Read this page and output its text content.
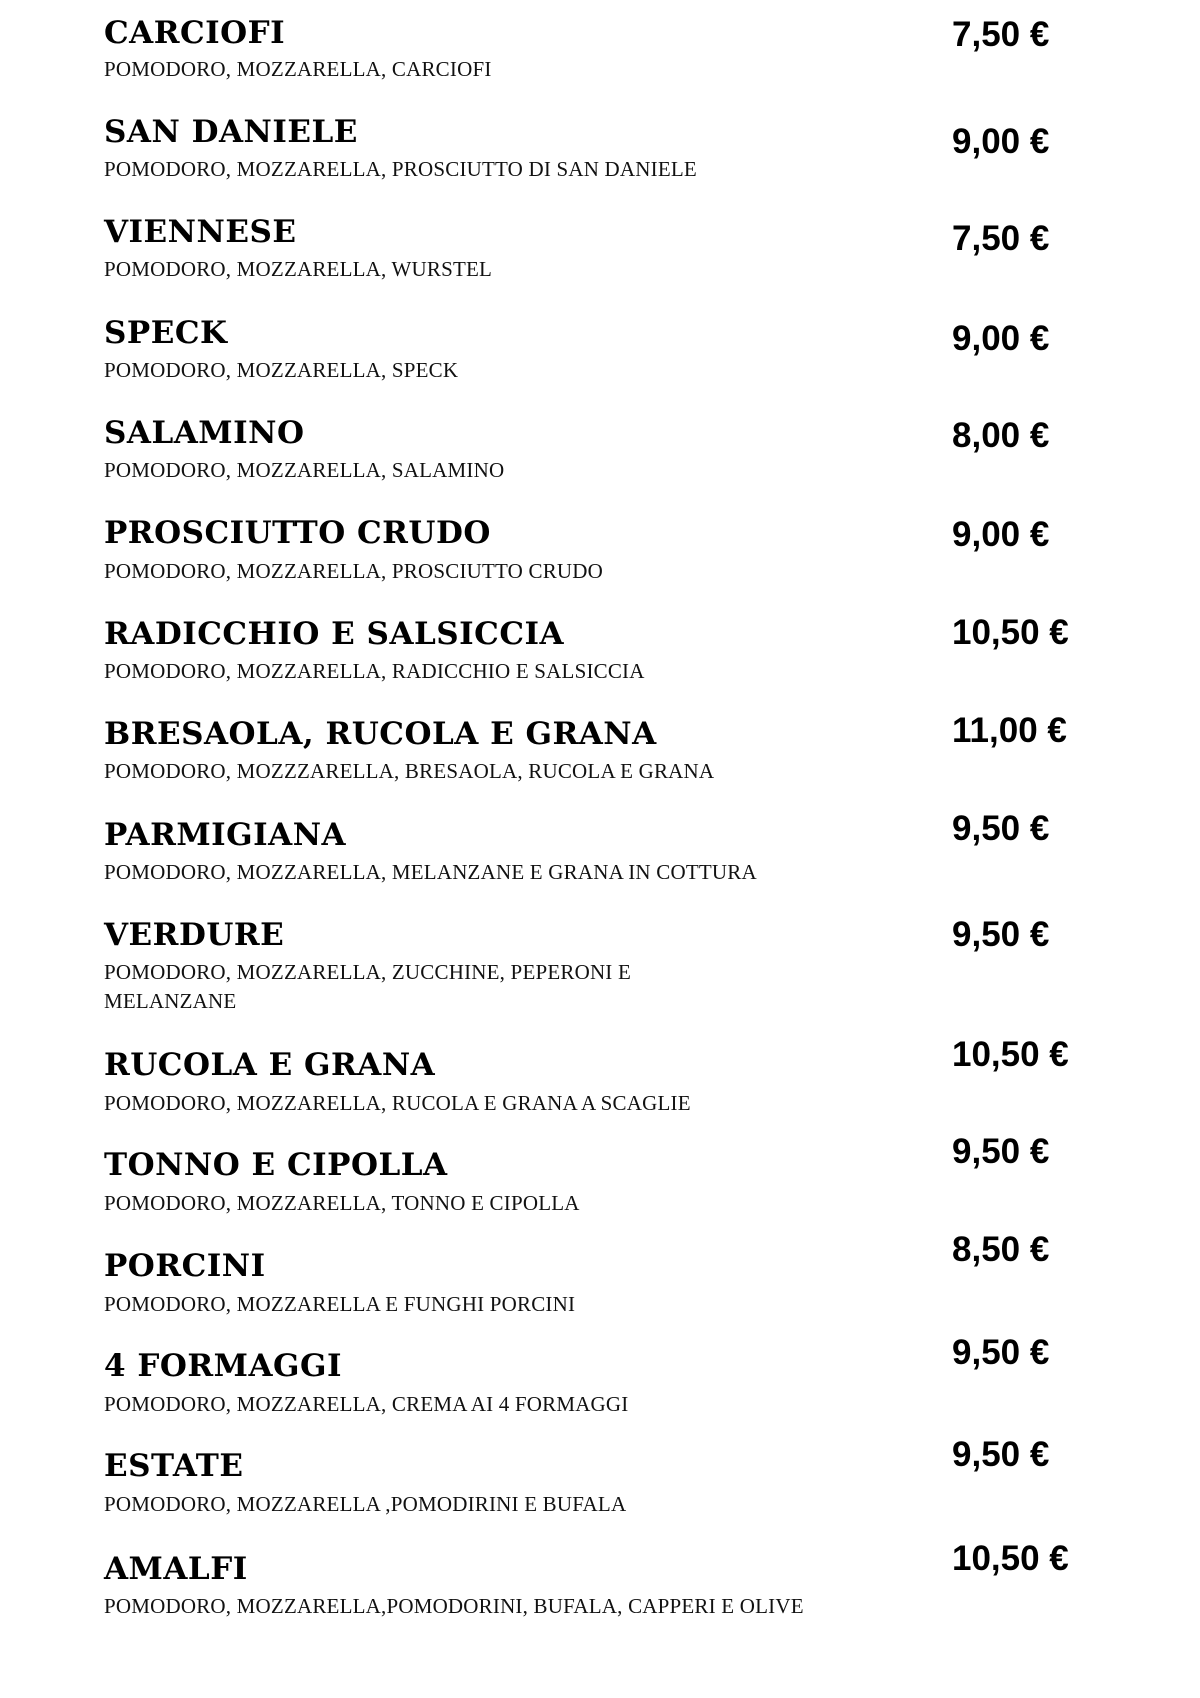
CARCIOFI
POMODORO, MOZZARELLA, CARCIOFI
7,50 €
SAN DANIELE
POMODORO, MOZZARELLA, PROSCIUTTO DI SAN DANIELE
9,00 €
VIENNESE
POMODORO, MOZZARELLA, WURSTEL
7,50 €
SPECK
POMODORO, MOZZARELLA, SPECK
9,00 €
SALAMINO
POMODORO, MOZZARELLA, SALAMINO
8,00 €
PROSCIUTTO CRUDO
POMODORO, MOZZARELLA, PROSCIUTTO CRUDO
9,00 €
RADICCHIO E SALSICCIA
POMODORO, MOZZARELLA, RADICCHIO E SALSICCIA
10,50 €
BRESAOLA, RUCOLA E GRANA
POMODORO, MOZZZARELLA, BRESAOLA, RUCOLA E GRANA
11,00 €
PARMIGIANA
POMODORO, MOZZARELLA, MELANZANE E GRANA IN COTTURA
9,50 €
VERDURE
POMODORO, MOZZARELLA, ZUCCHINE, PEPERONI E MELANZANE
9,50 €
RUCOLA E GRANA
POMODORO, MOZZARELLA, RUCOLA E GRANA A SCAGLIE
10,50 €
TONNO E CIPOLLA
POMODORO, MOZZARELLA, TONNO E CIPOLLA
9,50 €
PORCINI
POMODORO, MOZZARELLA E FUNGHI PORCINI
8,50 €
4 FORMAGGI
POMODORO, MOZZARELLA, CREMA AI 4 FORMAGGI
9,50 €
ESTATE
POMODORO, MOZZARELLA ,POMODIRINI E BUFALA
9,50 €
AMALFI
POMODORO, MOZZARELLA,POMODORINI, BUFALA, CAPPERI E OLIVE
10,50 €
